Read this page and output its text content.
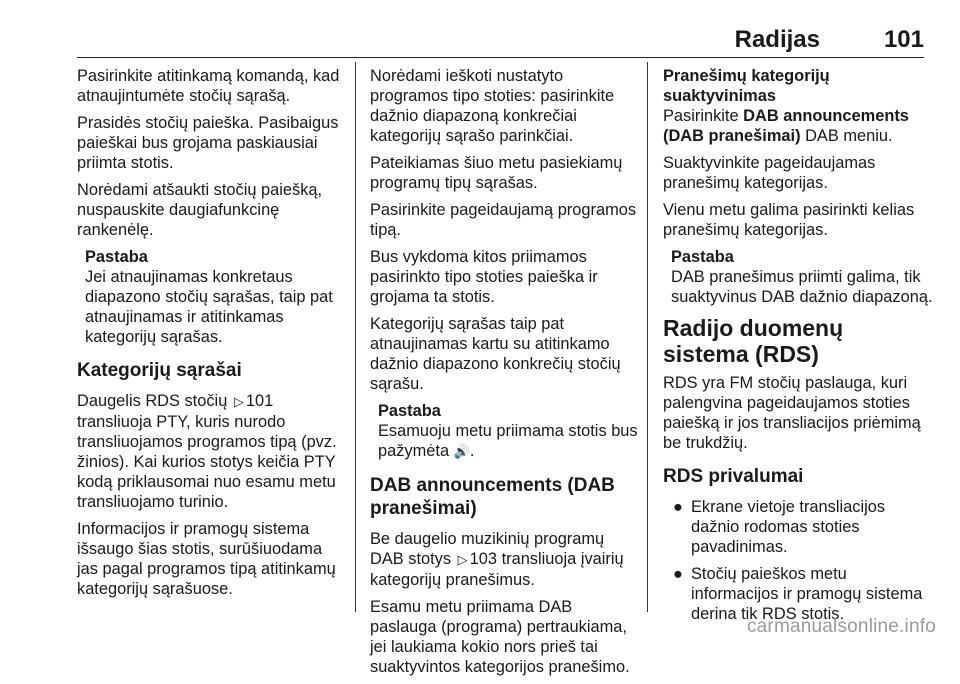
Radijas	101

Pasirinkite atitinkamą komandą, kad atnaujintumėte stočių sąrašą.

Prasidės stočių paieška. Pasibaigus paieškai bus grojama paskiausiai priimta stotis.

Norėdami atšaukti stočių paiešką, nuspauskite daugiafunkcinę rankenėlę.

Pastaba
Jei atnaujinamas konkretaus diapazono stočių sąrašas, taip pat atnaujinamas ir atitinkamas kategorijų sąrašas.
Kategorijų sąrašai

Daugelis RDS stočių ▷ 101 transliuoja PTY, kuris nurodo transliuojamos programos tipą (pvz. žinios). Kai kurios stotys keičia PTY kodą priklausomai nuo esamu metu transliuojamo turinio.

Informacijos ir pramogų sistema išsaugo šias stotis, surūšiuodama jas pagal programos tipą atitinkamų kategorijų sąrašuose.

Norėdami ieškoti nustatyto programos tipo stoties: pasirinkite dažnio diapazoną konkrečiai kategorijų sąrašo parinkčiai.

Pateikiamas šiuo metu pasiekiamų programų tipų sąrašas.

Pasirinkite pageidaujamą programos tipą.

Bus vykdoma kitos priimamos pasirinkto tipo stoties paieška ir grojama ta stotis.

Kategorijų sąrašas taip pat atnaujinamas kartu su atitinkamo dažnio diapazono konkrečių stočių sąrašu.

Pastaba
Esamuoju metu priimama stotis bus pažymėta 🔊.
DAB announcements (DAB pranešimai)

Be daugelio muzikinių programų DAB stotys ▷ 103 transliuoja įvairių kategorijų pranešimus.

Esamu metu priimama DAB paslauga (programa) pertraukiama, jei laukiama kokio nors prieš tai suaktyvintos kategorijos pranešimo.

Pranešimų kategorijų suaktyvinimas

Pasirinkite DAB announcements (DAB pranešimai) DAB meniu.

Suaktyvinkite pageidaujamas pranešimų kategorijas.

Vienu metu galima pasirinkti kelias pranešimų kategorijas.

Pastaba
DAB pranešimus priimti galima, tik suaktyvinus DAB dažnio diapazoną.
Radijo duomenų sistema (RDS)

RDS yra FM stočių paslauga, kuri palengvina pageidaujamos stoties paiešką ir jos transliacijos priėmimą be trukdžių.

RDS privalumai
● Ekrane vietoje transliacijos dažnio rodomas stoties pavadinimas.
● Stočių paieškos metu informacijos ir pramogų sistema derina tik RDS stotis.
carmanualsonline.info
